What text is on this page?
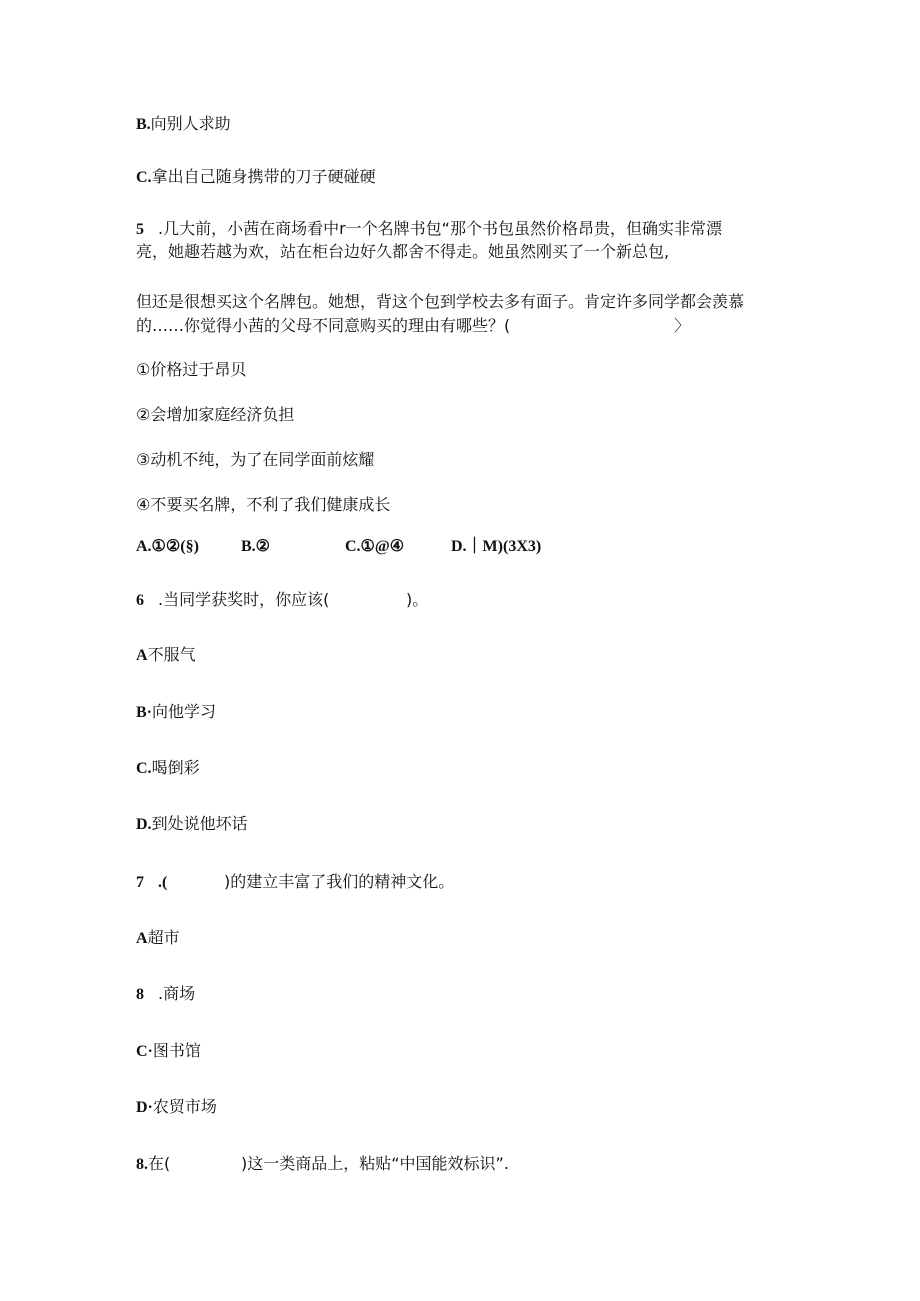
B.向别人求助
C.拿出自己随身携带的刀子硬碰硬
5 .几大前，小茜在商场看中r一个名牌书包“那个书包虽然价格昂贵，但确实非常漂
亮，她趣若越为欢，站在柜台边好久都舍不得走。她虽然刚买了一个新总包,
但还是很想买这个名牌包。她想，背这个包到学校去多有面子。肯定许多同学都会羡慕
的……你觉得小茜的父母不同意购买的理由有哪些？(	〉
①价格过于昂贝
②会增加家庭经济负担
③动机不纯，为了在同学面前炫耀
④不要买名牌，不利了我们健康成长
A.①②(§)	B.②	C.①@④	D.｜M)(3X3)
6 .当同学获奖时，你应该(	)。
A不服气
B·向他学习
C.喝倒彩
D.到处说他坏话
7 .(	)的建立丰富了我们的精神文化。
A超市
8 .商场
C·图书馆
D·农贸市场
8.在(	)这一类商品上，粘贴“中国能效标识”.
